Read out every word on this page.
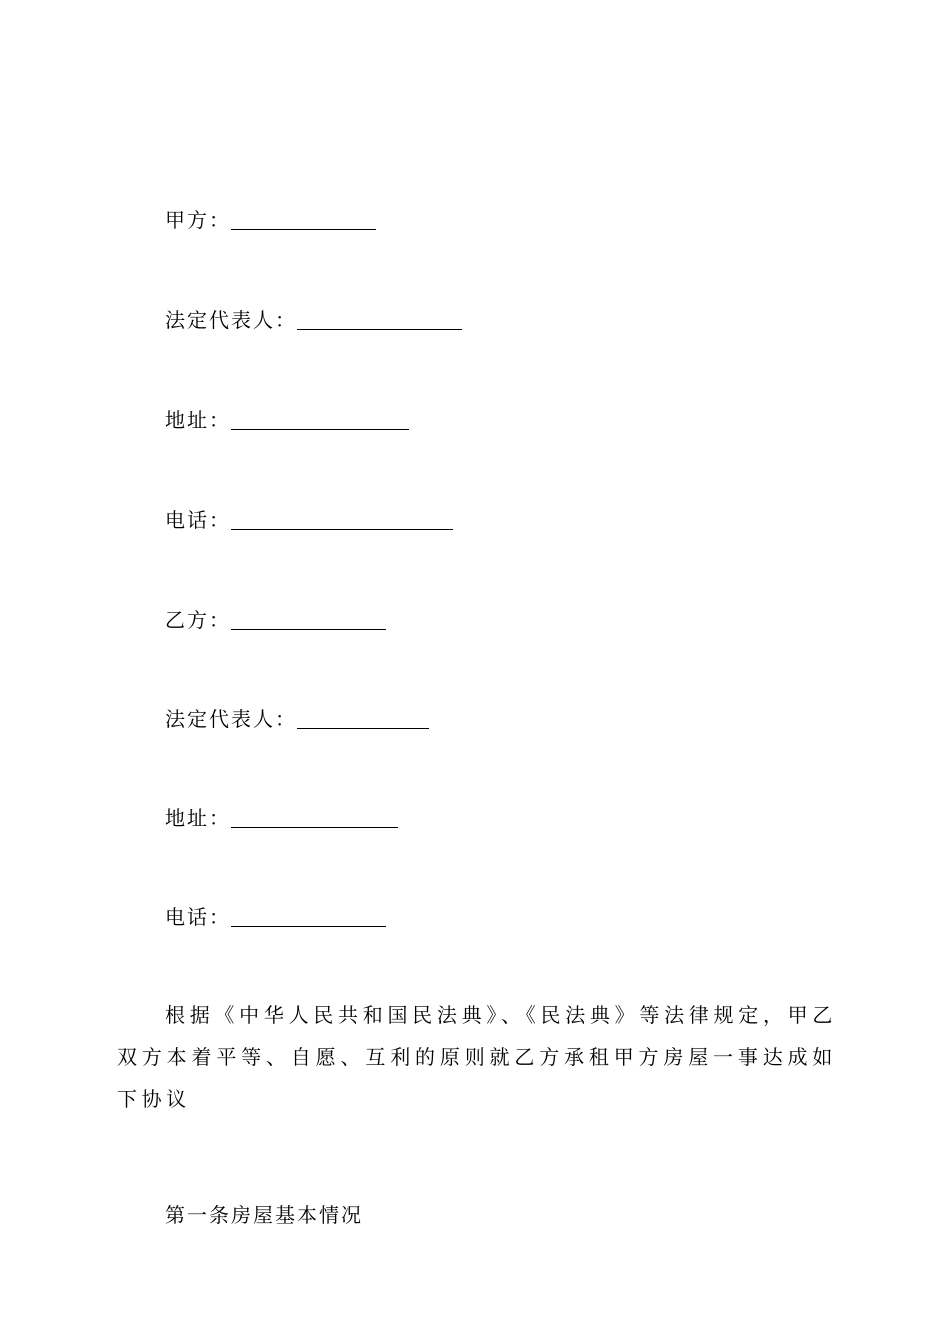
甲方：
法定代表人：
地址：
电话：
乙方：
法定代表人：
地址：
电话：
根据《中华人民共和国民法典》、《民法典》等法律规定，甲乙双方本着平等、自愿、互利的原则就乙方承租甲方房屋一事达成如下协议
第一条房屋基本情况
